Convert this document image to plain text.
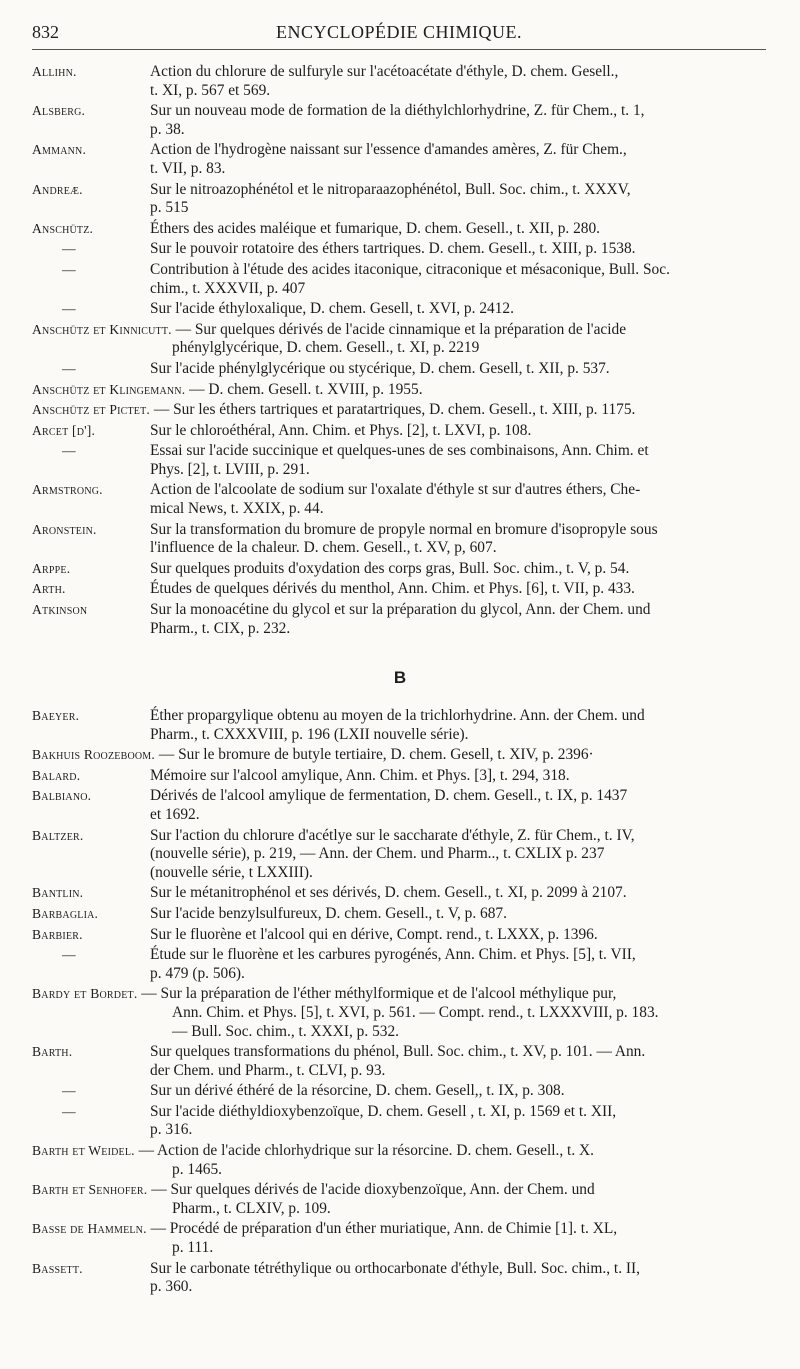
832	ENCYCLOPÉDIE CHIMIQUE.
Allihn.	Action du chlorure de sulfuryle sur l'acétoacétate d'éthyle, D. chem. Gesell.,
t. XI, p. 567 et 569.
Alsberg.	Sur un nouveau mode de formation de la diéthylchlorhydrine, Z. für Chem., t. 1,
p. 38.
Ammann.	Action de l'hydrogène naissant sur l'essence d'amandes amères, Z. für Chem.,
t. VII, p. 83.
Andreæ.	Sur le nitroazophénétol et le nitroparaazophénétol, Bull. Soc. chim., t. XXXV,
p. 515
Anschütz.	Éthers des acides maléique et fumarique, D. chem. Gesell., t. XII, p. 280.
—	Sur le pouvoir rotatoire des éthers tartriques. D. chem. Gesell., t. XIII, p. 1538.
—	Contribution à l'étude des acides itaconique, citraconique et mésaconique, Bull. Soc.
chim., t. XXXVII, p. 407
—	Sur l'acide éthyloxalique, D. chem. Gesell, t. XVI, p. 2412.
Anschütz et Kinnicutt. — Sur quelques dérivés de l'acide cinnamique et la préparation de l'acide
phénylglycérique, D. chem. Gesell., t. XI, p. 2219
—	Sur l'acide phénylglycérique ou stycérique, D. chem. Gesell, t. XII, p. 537.
Anschütz et Klingemann. — D. chem. Gesell. t. XVIII, p. 1955.
Anschütz et Pictet. — Sur les éthers tartriques et paratartriques, D. chem. Gesell., t. XIII, p. 1175.
Arcet [d'].	Sur le chloroéthéral, Ann. Chim. et Phys. [2], t. LXVI, p. 108.
—	Essai sur l'acide succinique et quelques-unes de ses combinaisons, Ann. Chim. et
Phys. [2], t. LVIII, p. 291.
Armstrong.	Action de l'alcoolate de sodium sur l'oxalate d'éthyle st sur d'autres éthers, Che-
mical News, t. XXIX, p. 44.
Aronstein.	Sur la transformation du bromure de propyle normal en bromure d'isopropyle sous
l'influence de la chaleur. D. chem. Gesell., t. XV, p, 607.
Arppe.	Sur quelques produits d'oxydation des corps gras, Bull. Soc. chim., t. V, p. 54.
Arth.	Études de quelques dérivés du menthol, Ann. Chim. et Phys. [6], t. VII, p. 433.
Atkinson	Sur la monoacétine du glycol et sur la préparation du glycol, Ann. der Chem. und
Pharm., t. CIX, p. 232.
B
Baeyer.	Éther propargylique obtenu au moyen de la trichlorhydrine. Ann. der Chem. und
Pharm., t. CXXXVIII, p. 196 (LXII nouvelle série).
Bakhuis Roozeboom. — Sur le bromure de butyle tertiaire, D. chem. Gesell, t. XIV, p. 2396·
Balard.	Mémoire sur l'alcool amylique, Ann. Chim. et Phys. [3], t. 294, 318.
Balbiano.	Dérivés de l'alcool amylique de fermentation, D. chem. Gesell., t. IX, p. 1437
et 1692.
Baltzer.	Sur l'action du chlorure d'acétlye sur le saccharate d'éthyle, Z. für Chem., t. IV,
(nouvelle série), p. 219, — Ann. der Chem. und Pharm.., t. CXLIX p. 237
(nouvelle série, t LXXIII).
Bantlin.	Sur le métanitrophénol et ses dérivés, D. chem. Gesell., t. XI, p. 2099 à 2107.
Barbaglia.	Sur l'acide benzylsulfureux, D. chem. Gesell., t. V, p. 687.
Barbier.	Sur le fluorène et l'alcool qui en dérive, Compt. rend., t. LXXX, p. 1396.
—	Étude sur le fluorène et les carbures pyrogénés, Ann. Chim. et Phys. [5], t. VII,
p. 479 (p. 506).
Bardy et Bordet. — Sur la préparation de l'éther méthylformique et de l'alcool méthylique pur,
Ann. Chim. et Phys. [5], t. XVI, p. 561. — Compt. rend., t. LXXXVIII, p. 183.
— Bull. Soc. chim., t. XXXI, p. 532.
Barth.	Sur quelques transformations du phénol, Bull. Soc. chim., t. XV, p. 101. — Ann.
der Chem. und Pharm., t. CLVI, p. 93.
—	Sur un dérivé éthéré de la résorcine, D. chem. Gesell,, t. IX, p. 308.
—	Sur l'acide diéthyldioxybenzoïque, D. chem. Gesell , t. XI, p. 1569 et t. XII,
p. 316.
Barth et Weidel. — Action de l'acide chlorhydrique sur la résorcine. D. chem. Gesell., t. X.
p. 1465.
Barth et Senhofer. — Sur quelques dérivés de l'acide dioxybenzoïque, Ann. der Chem. und
Pharm., t. CLXIV, p. 109.
Basse de Hammeln. — Procédé de préparation d'un éther muriatique, Ann. de Chimie [1]. t. XL,
p. 111.
Bassett.	Sur le carbonate tétréthylique ou orthocarbonate d'éthyle, Bull. Soc. chim., t. II,
p. 360.
